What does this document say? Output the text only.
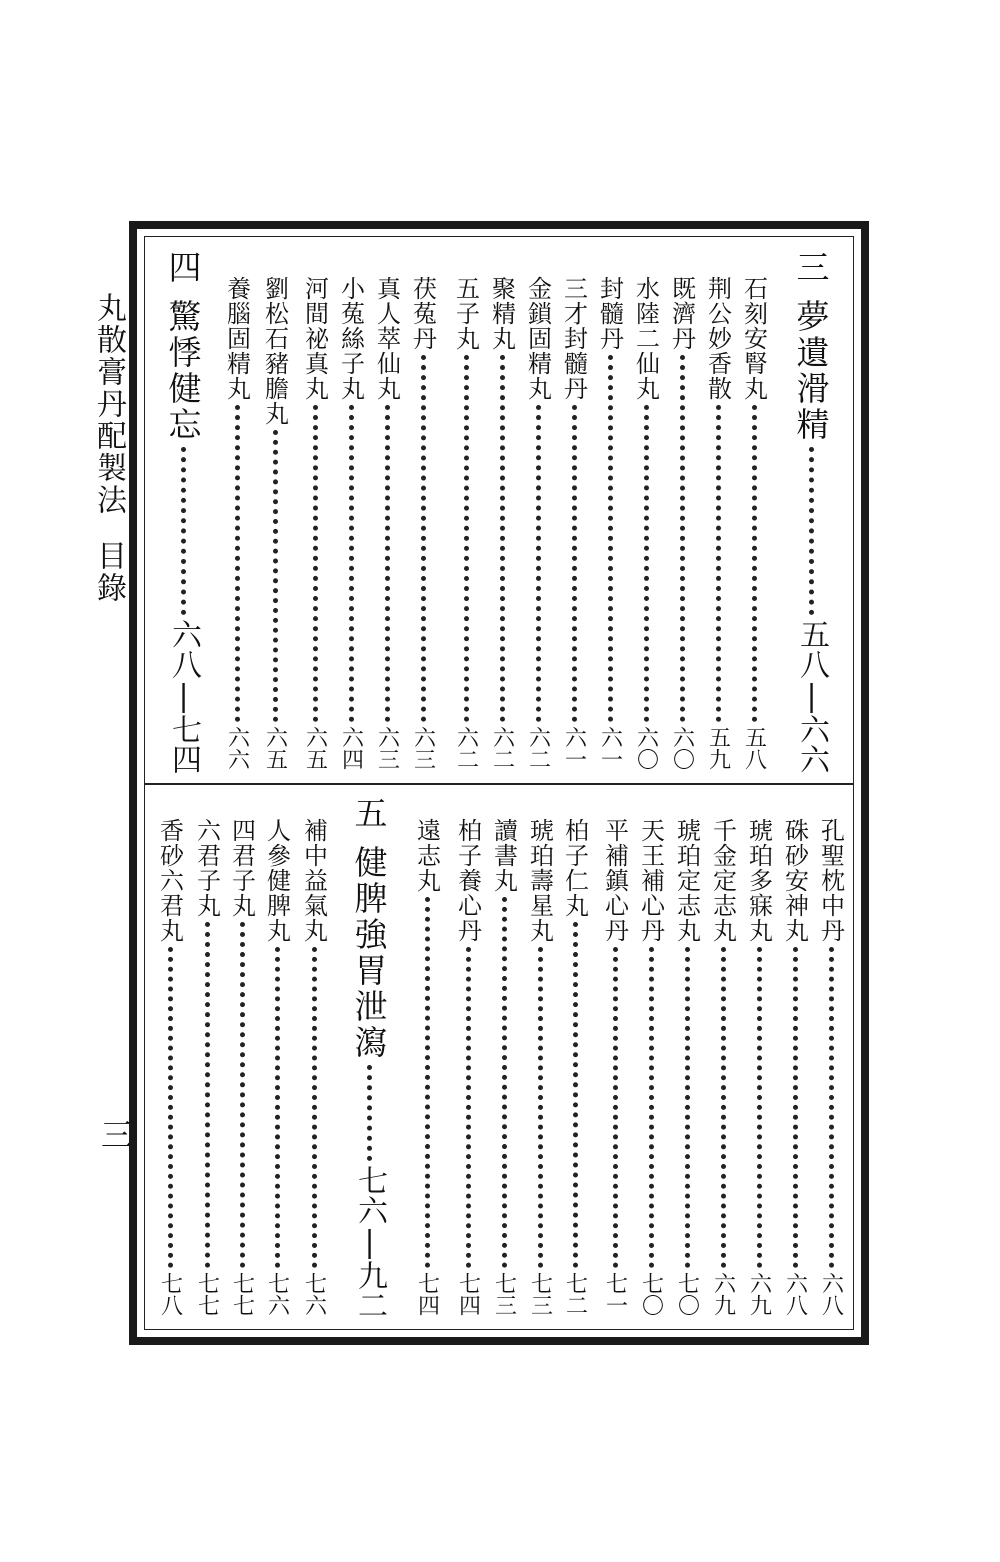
丸散膏丹配製法目錄
三
三
夢遺滑精
五八|六六
石刻安腎丸
五八
荆公妙香散
五九
既濟丹
六〇
水陸二仙丸
六〇
封髓丹
六一
三才封髓丹
六一
金鎖固精丸
六二
聚精丸
六二
五子丸
六二
茯菟丹
六三
真人萃仙丸
六三
小菟絲子丸
六四
河間祕真丸
六五
劉松石豬膽丸
六五
養腦固精丸
六六
四
驚悸健忘
六八|七四
孔聖枕中丹
六八
硃砂安神丸
六八
琥珀多寐丸
六九
千金定志丸
六九
琥珀定志丸
七〇
天王補心丹
七〇
平補鎮心丹
七一
柏子仁丸
七二
琥珀壽星丸
七三
讀書丸
七三
柏子養心丹
七四
遠志丸
七四
五
健脾強胃泄瀉
七六|九二
補中益氣丸
七六
人參健脾丸
七六
四君子丸
七七
六君子丸
七七
香砂六君丸
七八
